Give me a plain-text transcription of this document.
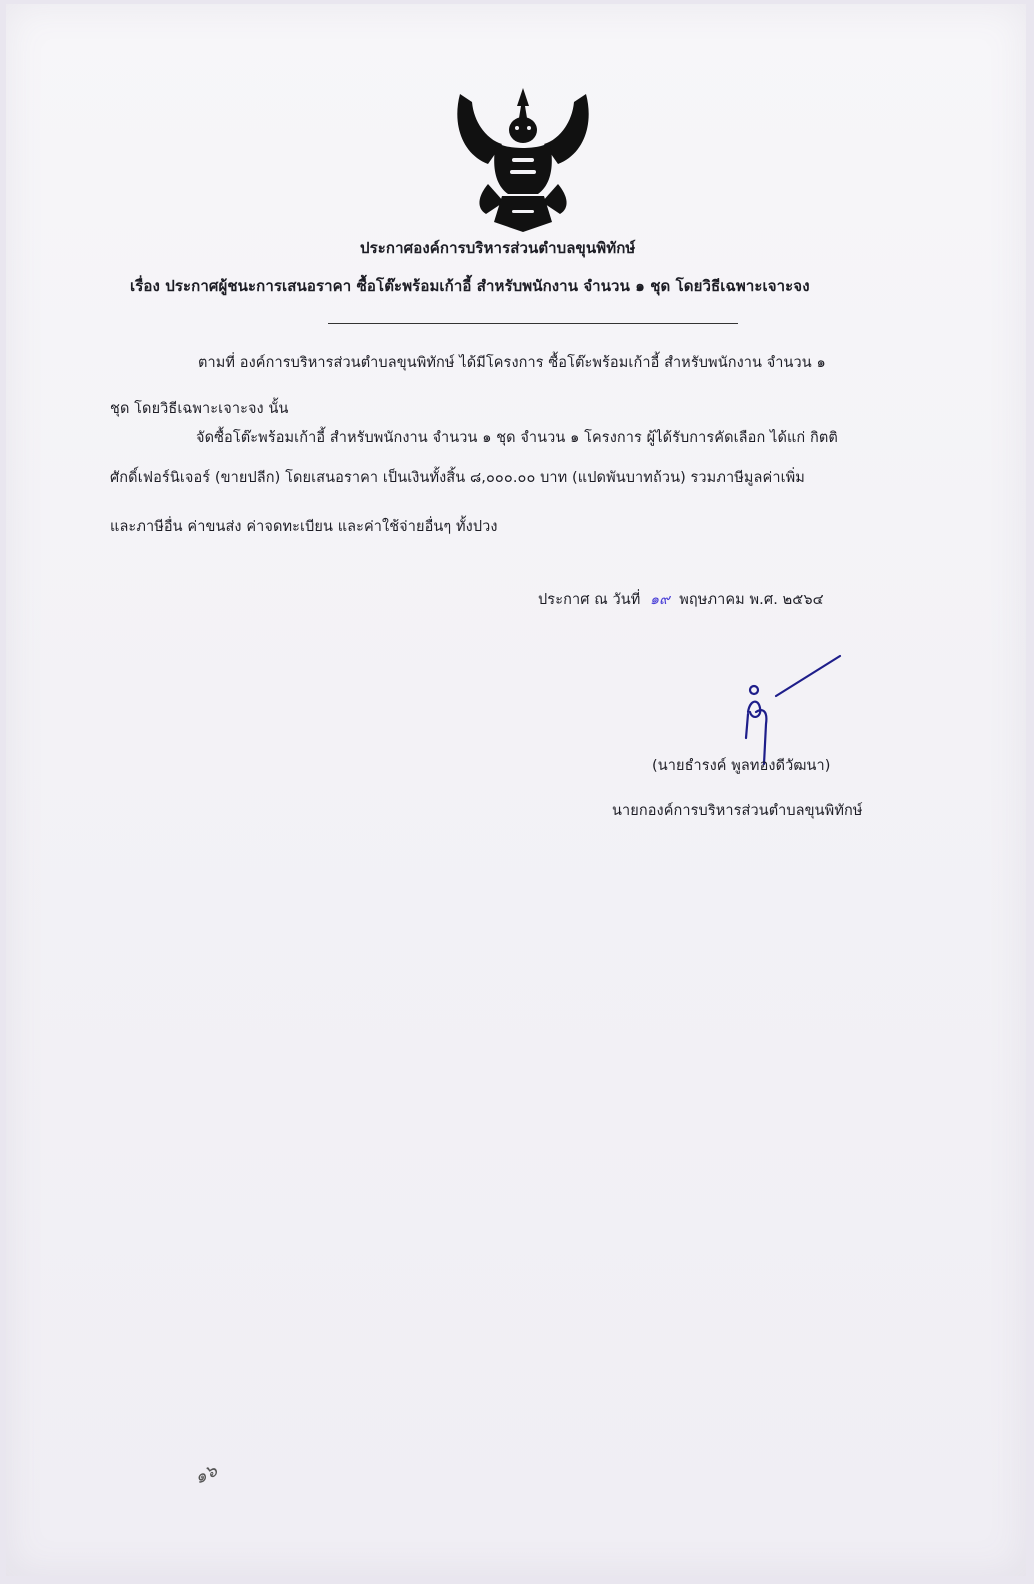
ประกาศองค์การบริหารส่วนตำบลขุนพิทักษ์
เรื่อง ประกาศผู้ชนะการเสนอราคา ซื้อโต๊ะพร้อมเก้าอี้ สำหรับพนักงาน จำนวน ๑ ชุด โดยวิธีเฉพาะเจาะจง
ตามที่ องค์การบริหารส่วนตำบลขุนพิทักษ์ ได้มีโครงการ ซื้อโต๊ะพร้อมเก้าอี้ สำหรับพนักงาน จำนวน ๑
ชุด โดยวิธีเฉพาะเจาะจง นั้น
จัดซื้อโต๊ะพร้อมเก้าอี้ สำหรับพนักงาน จำนวน ๑ ชุด จำนวน ๑ โครงการ ผู้ได้รับการคัดเลือก ได้แก่ กิตติ
ศักดิ์เฟอร์นิเจอร์ (ขายปลีก) โดยเสนอราคา เป็นเงินทั้งสิ้น ๘,๐๐๐.๐๐ บาท (แปดพันบาทถ้วน) รวมภาษีมูลค่าเพิ่ม
และภาษีอื่น ค่าขนส่ง ค่าจดทะเบียน และค่าใช้จ่ายอื่นๆ ทั้งปวง
ประกาศ ณ วันที่ ๑๙ พฤษภาคม พ.ศ. ๒๕๖๔
(นายธำรงค์ พูลทองดีวัฒนา)
นายกองค์การบริหารส่วนตำบลขุนพิทักษ์
๑๖
